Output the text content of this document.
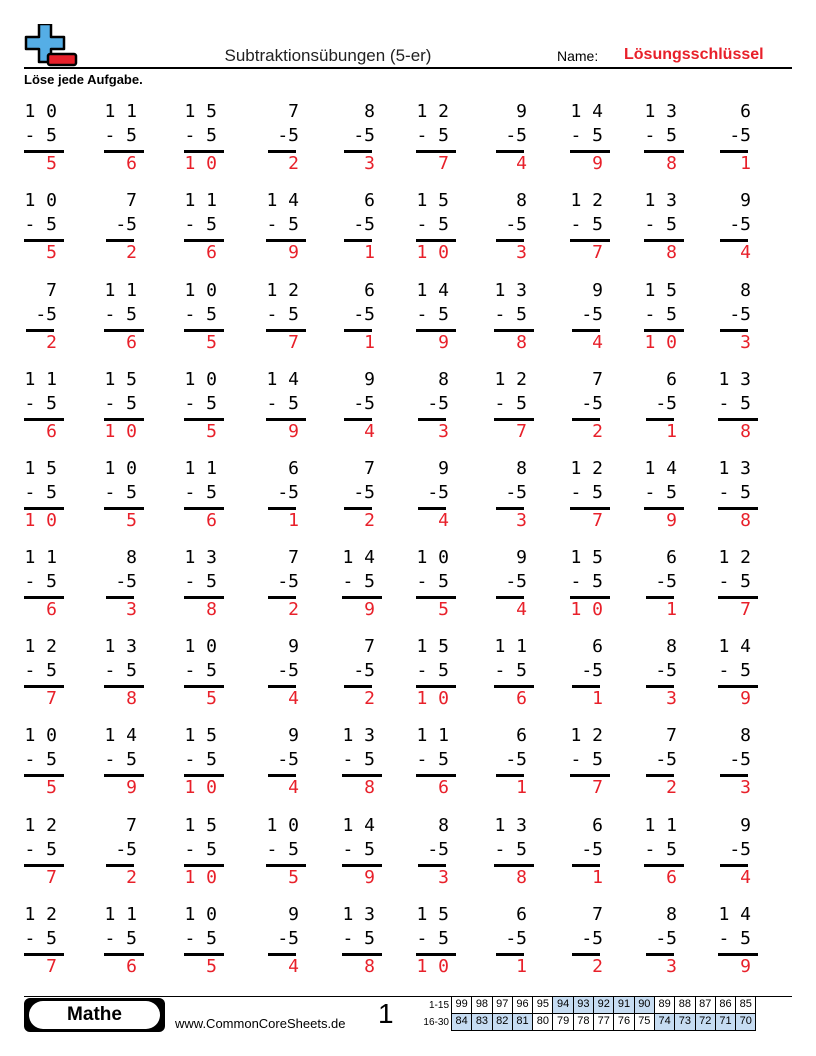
Subtraktionsübungen (5-er)	Name: Lösungsschlüssel
Löse jede Aufgabe.
1 0
- 5
5
1 1
- 5
6
1 5
- 5
1 0
7
-5
2
8
-5
3
1 2
- 5
7
9
-5
4
1 4
- 5
9
1 3
- 5
8
6
-5
1
1 0
- 5
5
7
-5
2
1 1
- 5
6
1 4
- 5
9
6
-5
1
1 5
- 5
1 0
8
-5
3
1 2
- 5
7
1 3
- 5
8
9
-5
4
7
-5
2
1 1
- 5
6
1 0
- 5
5
1 2
- 5
7
6
-5
1
1 4
- 5
9
1 3
- 5
8
9
-5
4
1 5
- 5
1 0
8
-5
3
1 1
- 5
6
1 5
- 5
1 0
1 0
- 5
5
1 4
- 5
9
9
-5
4
8
-5
3
1 2
- 5
7
7
-5
2
6
-5
1
1 3
- 5
8
1 5
- 5
1 0
1 0
- 5
5
1 1
- 5
6
6
-5
1
7
-5
2
9
-5
4
8
-5
3
1 2
- 5
7
1 4
- 5
9
1 3
- 5
8
1 1
- 5
6
8
-5
3
1 3
- 5
8
7
-5
2
1 4
- 5
9
1 0
- 5
5
9
-5
4
1 5
- 5
1 0
6
-5
1
1 2
- 5
7
1 2
- 5
7
1 3
- 5
8
1 0
- 5
5
9
-5
4
7
-5
2
1 5
- 5
1 0
1 1
- 5
6
6
-5
1
8
-5
3
1 4
- 5
9
1 0
- 5
5
1 4
- 5
9
1 5
- 5
1 0
9
-5
4
1 3
- 5
8
1 1
- 5
6
6
-5
1
1 2
- 5
7
7
-5
2
8
-5
3
1 2
- 5
7
7
-5
2
1 5
- 5
1 0
1 0
- 5
5
1 4
- 5
9
8
-5
3
1 3
- 5
8
6
-5
1
1 1
- 5
6
9
-5
4
1 2
- 5
7
1 1
- 5
6
1 0
- 5
5
9
-5
4
1 3
- 5
8
1 5
- 5
1 0
6
-5
1
7
-5
2
8
-5
3
1 4
- 5
9
Mathe	www.CommonCoreSheets.de 1	1-15 99 98 97 96 95 94 93 92 91 90 89 88 87 86 85
16-30 84 83 82 81 80 79 78 77 76 75 74 73 72 71 70
